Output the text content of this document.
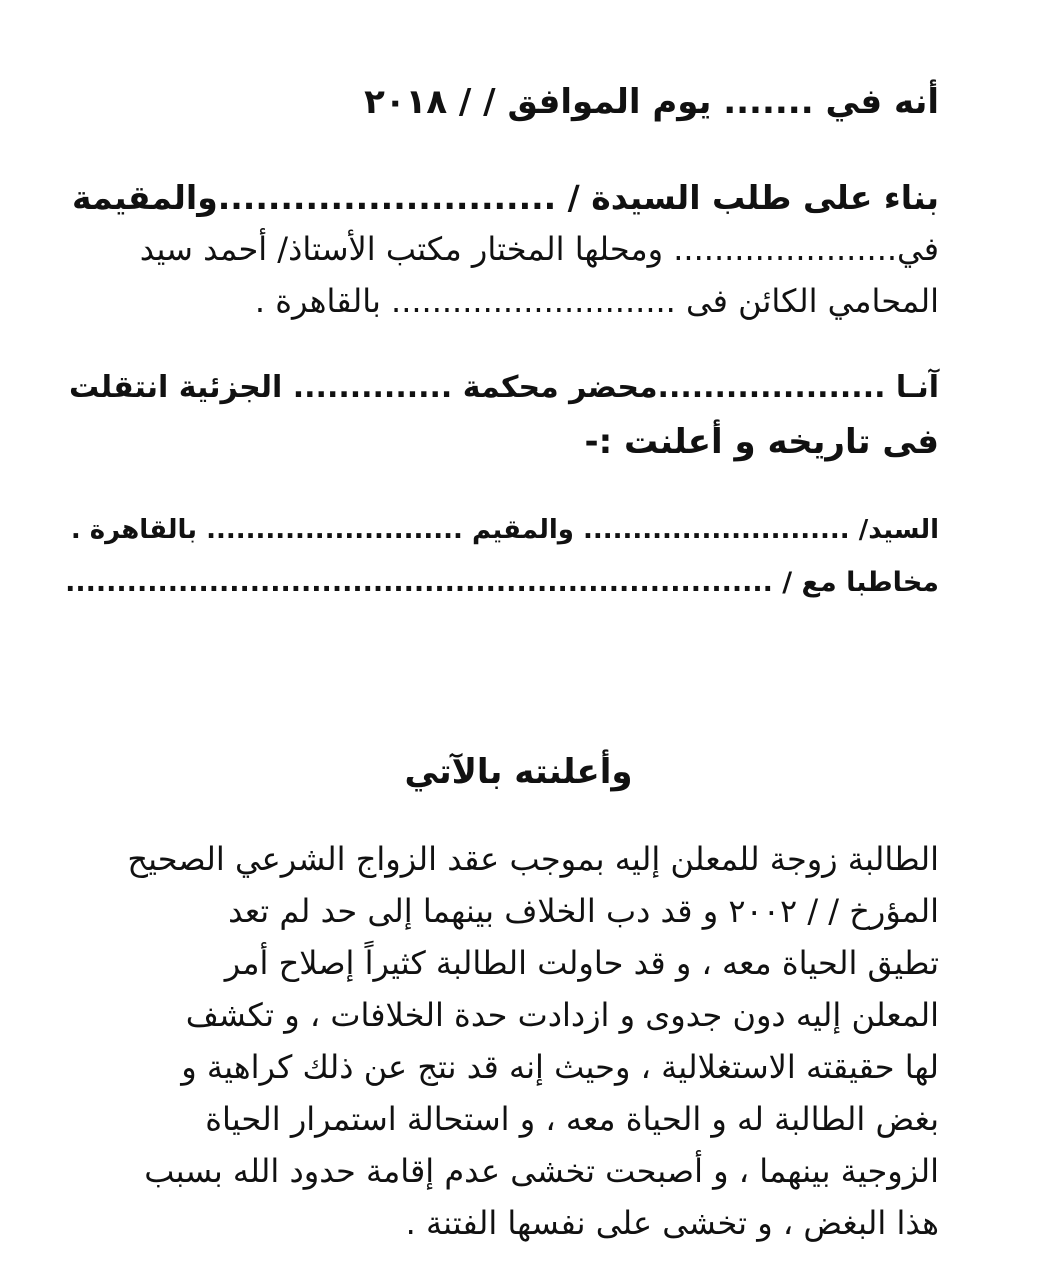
أنه في ....... يوم الموافق / / ٢٠١٨
بناء على طلب السيدة / ...........................والمقيمة
في...................... ومحلها المختار مكتب الأستاذ/ أحمد سيد
المحامي الكائن فى ............................ بالقاهرة .
آنـا ....................محضر محكمة .............. الجزئية انتقلت
فى تاريخه و أعلنت :-
السيد/ ........................... والمقيم .......................... بالقاهرة .
مخاطبا مع / .....................................................................
وأعلنته بالآتي
الطالبة زوجة للمعلن إليه بموجب عقد الزواج الشرعي الصحيح
المؤرخ / / ٢٠٠٢ و قد دب الخلاف بينهما إلى حد لم تعد
تطيق الحياة معه ، و قد حاولت الطالبة كثيراً إصلاح أمر
المعلن إليه دون جدوى و ازدادت حدة الخلافات ، و تكشف
لها حقيقته الاستغلالية ، وحيث إنه قد نتج عن ذلك كراهية و
بغض الطالبة له و الحياة معه ، و استحالة استمرار الحياة
الزوجية بينهما ، و أصبحت تخشى عدم إقامة حدود الله بسبب
هذا البغض ، و تخشى على نفسها الفتنة .
